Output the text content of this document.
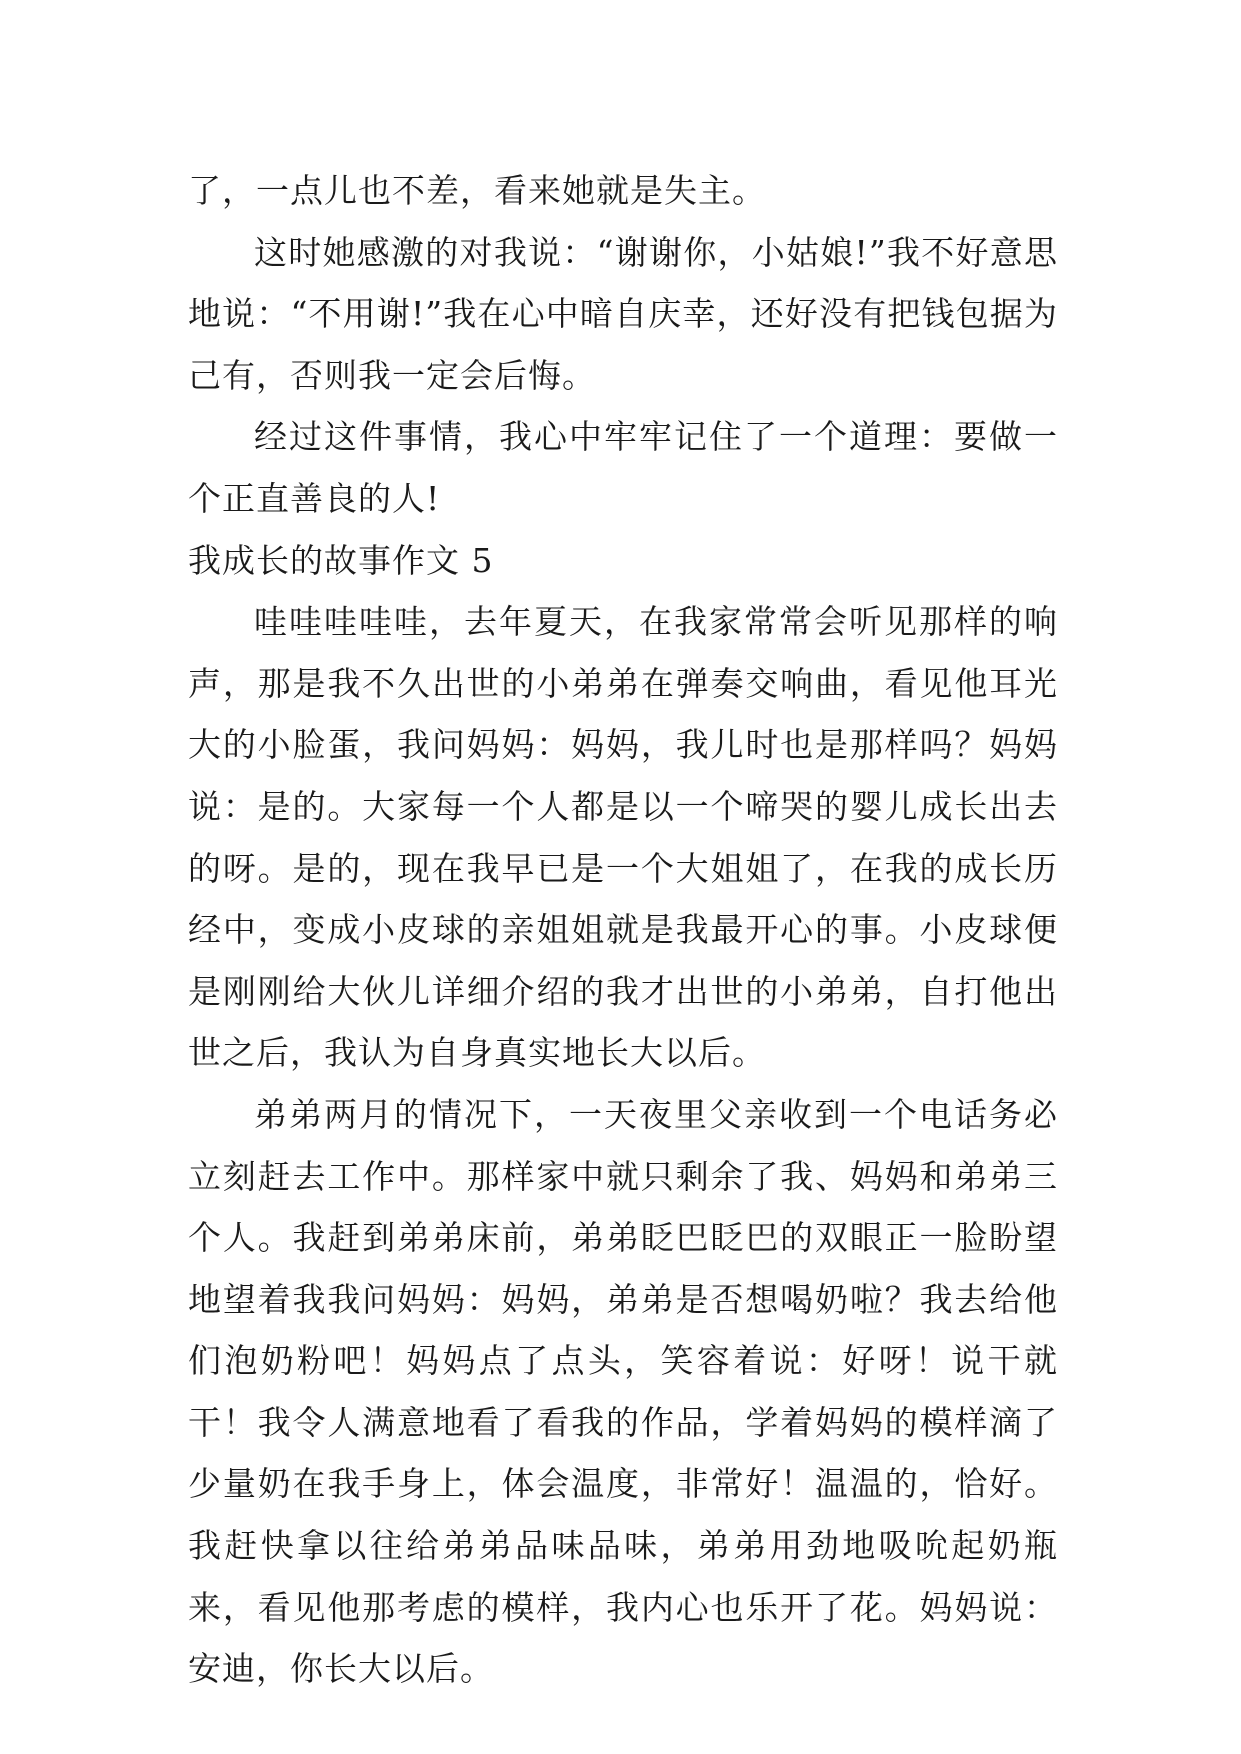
了，一点儿也不差，看来她就是失主。

这时她感激的对我说：“谢谢你，小姑娘!”我不好意思地说：“不用谢!”我在心中暗自庆幸，还好没有把钱包据为己有，否则我一定会后悔。

经过这件事情，我心中牢牢记住了一个道理：要做一个正直善良的人!

我成长的故事作文 5

哇哇哇哇哇，去年夏天，在我家常常会听见那样的响声，那是我不久出世的小弟弟在弹奏交响曲，看见他耳光大的小脸蛋，我问妈妈：妈妈，我儿时也是那样吗？妈妈说：是的。大家每一个人都是以一个啼哭的婴儿成长出去的呀。是的，现在我早已是一个大姐姐了，在我的成长历经中，变成小皮球的亲姐姐就是我最开心的事。小皮球便是刚刚给大伙儿详细介绍的我才出世的小弟弟，自打他出世之后，我认为自身真实地长大以后。

弟弟两月的情况下，一天夜里父亲收到一个电话务必立刻赶去工作中。那样家中就只剩余了我、妈妈和弟弟三个人。我赶到弟弟床前，弟弟眨巴眨巴的双眼正一脸盼望地望着我我问妈妈：妈妈，弟弟是否想喝奶啦？我去给他们泡奶粉吧！妈妈点了点头，笑容着说：好呀！说干就干！我令人满意地看了看我的作品，学着妈妈的模样滴了少量奶在我手身上，体会温度，非常好！温温的，恰好。我赶快拿以往给弟弟品味品味，弟弟用劲地吸吮起奶瓶来，看见他那考虑的模样，我内心也乐开了花。妈妈说：安迪，你长大以后。
